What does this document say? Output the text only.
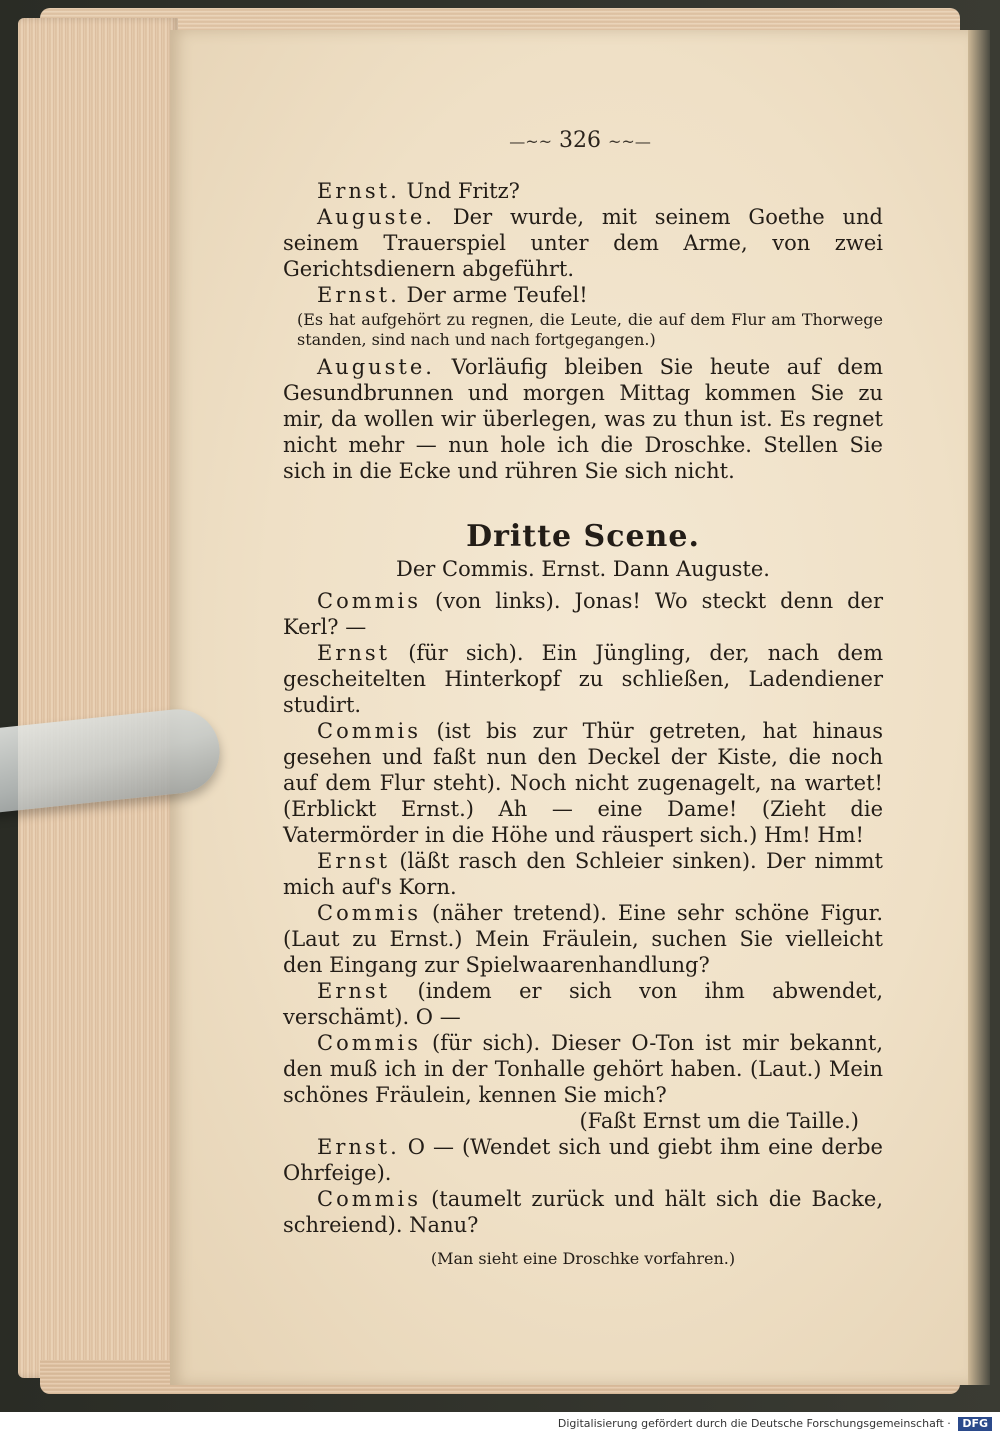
—~~ 326 ~~—

Ernst. Und Fritz?

Auguste. Der wurde, mit seinem Goethe und seinem Trauerspiel unter dem Arme, von zwei Gerichtsdienern abgeführt.

Ernst. Der arme Teufel!

(Es hat aufgehört zu regnen, die Leute, die auf dem Flur am Thorwege standen, sind nach und nach fortgegangen.)

Auguste. Vorläufig bleiben Sie heute auf dem Gesundbrunnen und morgen Mittag kommen Sie zu mir, da wollen wir überlegen, was zu thun ist. Es regnet nicht mehr — nun hole ich die Droschke. Stellen Sie sich in die Ecke und rühren Sie sich nicht.

Dritte Scene.
Der Commis. Ernst. Dann Auguste.

Commis (von links). Jonas! Wo steckt denn der Kerl? —

Ernst (für sich). Ein Jüngling, der, nach dem gescheitelten Hinterkopf zu schließen, Ladendiener studirt.

Commis (ist bis zur Thür getreten, hat hinaus gesehen und faßt nun den Deckel der Kiste, die noch auf dem Flur steht). Noch nicht zugenagelt, na wartet! (Erblickt Ernst.) Ah — eine Dame! (Zieht die Vatermörder in die Höhe und räuspert sich.) Hm! Hm!

Ernst (läßt rasch den Schleier sinken). Der nimmt mich auf's Korn.

Commis (näher tretend). Eine sehr schöne Figur. (Laut zu Ernst.) Mein Fräulein, suchen Sie vielleicht den Eingang zur Spielwaarenhandlung?

Ernst (indem er sich von ihm abwendet, verschämt). O —

Commis (für sich). Dieser O-Ton ist mir bekannt, den muß ich in der Tonhalle gehört haben. (Laut.) Mein schönes Fräulein, kennen Sie mich?

(Faßt Ernst um die Taille.)

Ernst. O — (Wendet sich und giebt ihm eine derbe Ohrfeige).

Commis (taumelt zurück und hält sich die Backe, schreiend). Nanu?

(Man sieht eine Droschke vorfahren.)
Digitalisierung gefördert durch die Deutsche Forschungsgemeinschaft · DFG
